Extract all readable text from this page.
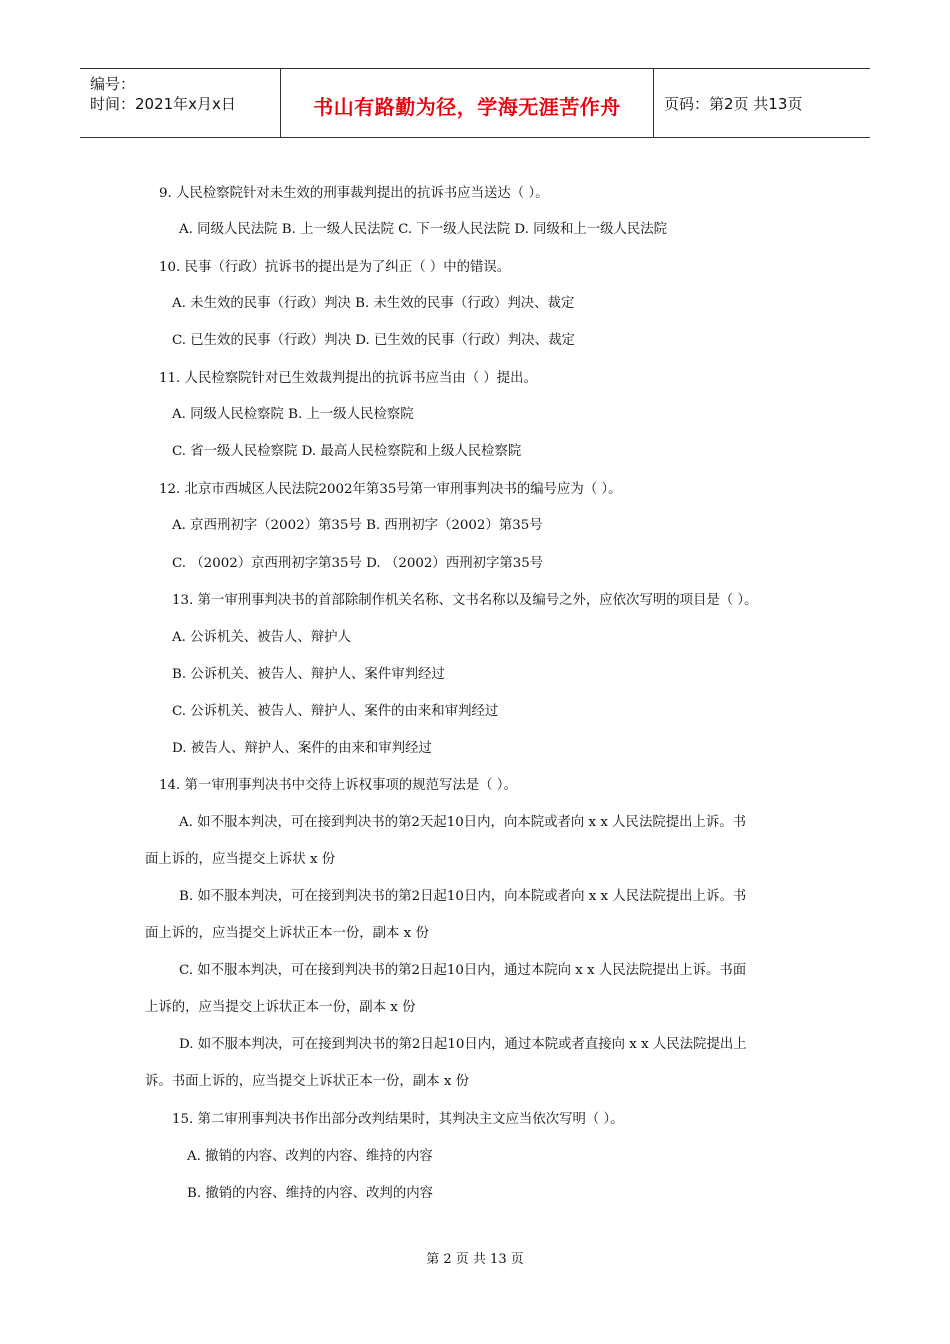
编号：
时间：2021年x月x日	书山有路勤为径，学海无涯苦作舟	页码：第2页 共13页
9. 人民检察院针对未生效的刑事裁判提出的抗诉书应当送达（ ）。
A. 同级人民法院 B. 上一级人民法院 C. 下一级人民法院 D. 同级和上一级人民法院
10. 民事（行政）抗诉书的提出是为了纠正（ ）中的错误。
A. 未生效的民事（行政）判决 B. 未生效的民事（行政）判决、裁定
C. 已生效的民事（行政）判决 D. 已生效的民事（行政）判决、裁定
11. 人民检察院针对已生效裁判提出的抗诉书应当由（ ）提出。
A. 同级人民检察院 B. 上一级人民检察院
C. 省一级人民检察院 D. 最高人民检察院和上级人民检察院
12. 北京市西城区人民法院2002年第35号第一审刑事判决书的编号应为（ ）。
A. 京西刑初字（2002）第35号 B. 西刑初字（2002）第35号
C. （2002）京西刑初字第35号 D. （2002）西刑初字第35号
13. 第一审刑事判决书的首部除制作机关名称、文书名称以及编号之外，应依次写明的项目是（ ）。
A. 公诉机关、被告人、辩护人
B. 公诉机关、被告人、辩护人、案件审判经过
C. 公诉机关、被告人、辩护人、案件的由来和审判经过
D. 被告人、辩护人、案件的由来和审判经过
14. 第一审刑事判决书中交待上诉权事项的规范写法是（ ）。
A. 如不服本判决，可在接到判决书的第2天起10日内，向本院或者向 x x 人民法院提出上诉。书
面上诉的，应当提交上诉状 x 份
B. 如不服本判决，可在接到判决书的第2日起10日内，向本院或者向 x x 人民法院提出上诉。书
面上诉的，应当提交上诉状正本一份，副本 x 份
C. 如不服本判决，可在接到判决书的第2日起10日内，通过本院向 x x 人民法院提出上诉。书面
上诉的，应当提交上诉状正本一份，副本 x 份
D. 如不服本判决，可在接到判决书的第2日起10日内，通过本院或者直接向 x x 人民法院提出上
诉。书面上诉的，应当提交上诉状正本一份，副本 x 份
15. 第二审刑事判决书作出部分改判结果时，其判决主文应当依次写明（ ）。
A. 撤销的内容、改判的内容、维持的内容
B. 撤销的内容、维持的内容、改判的内容
第 2 页 共 13 页
